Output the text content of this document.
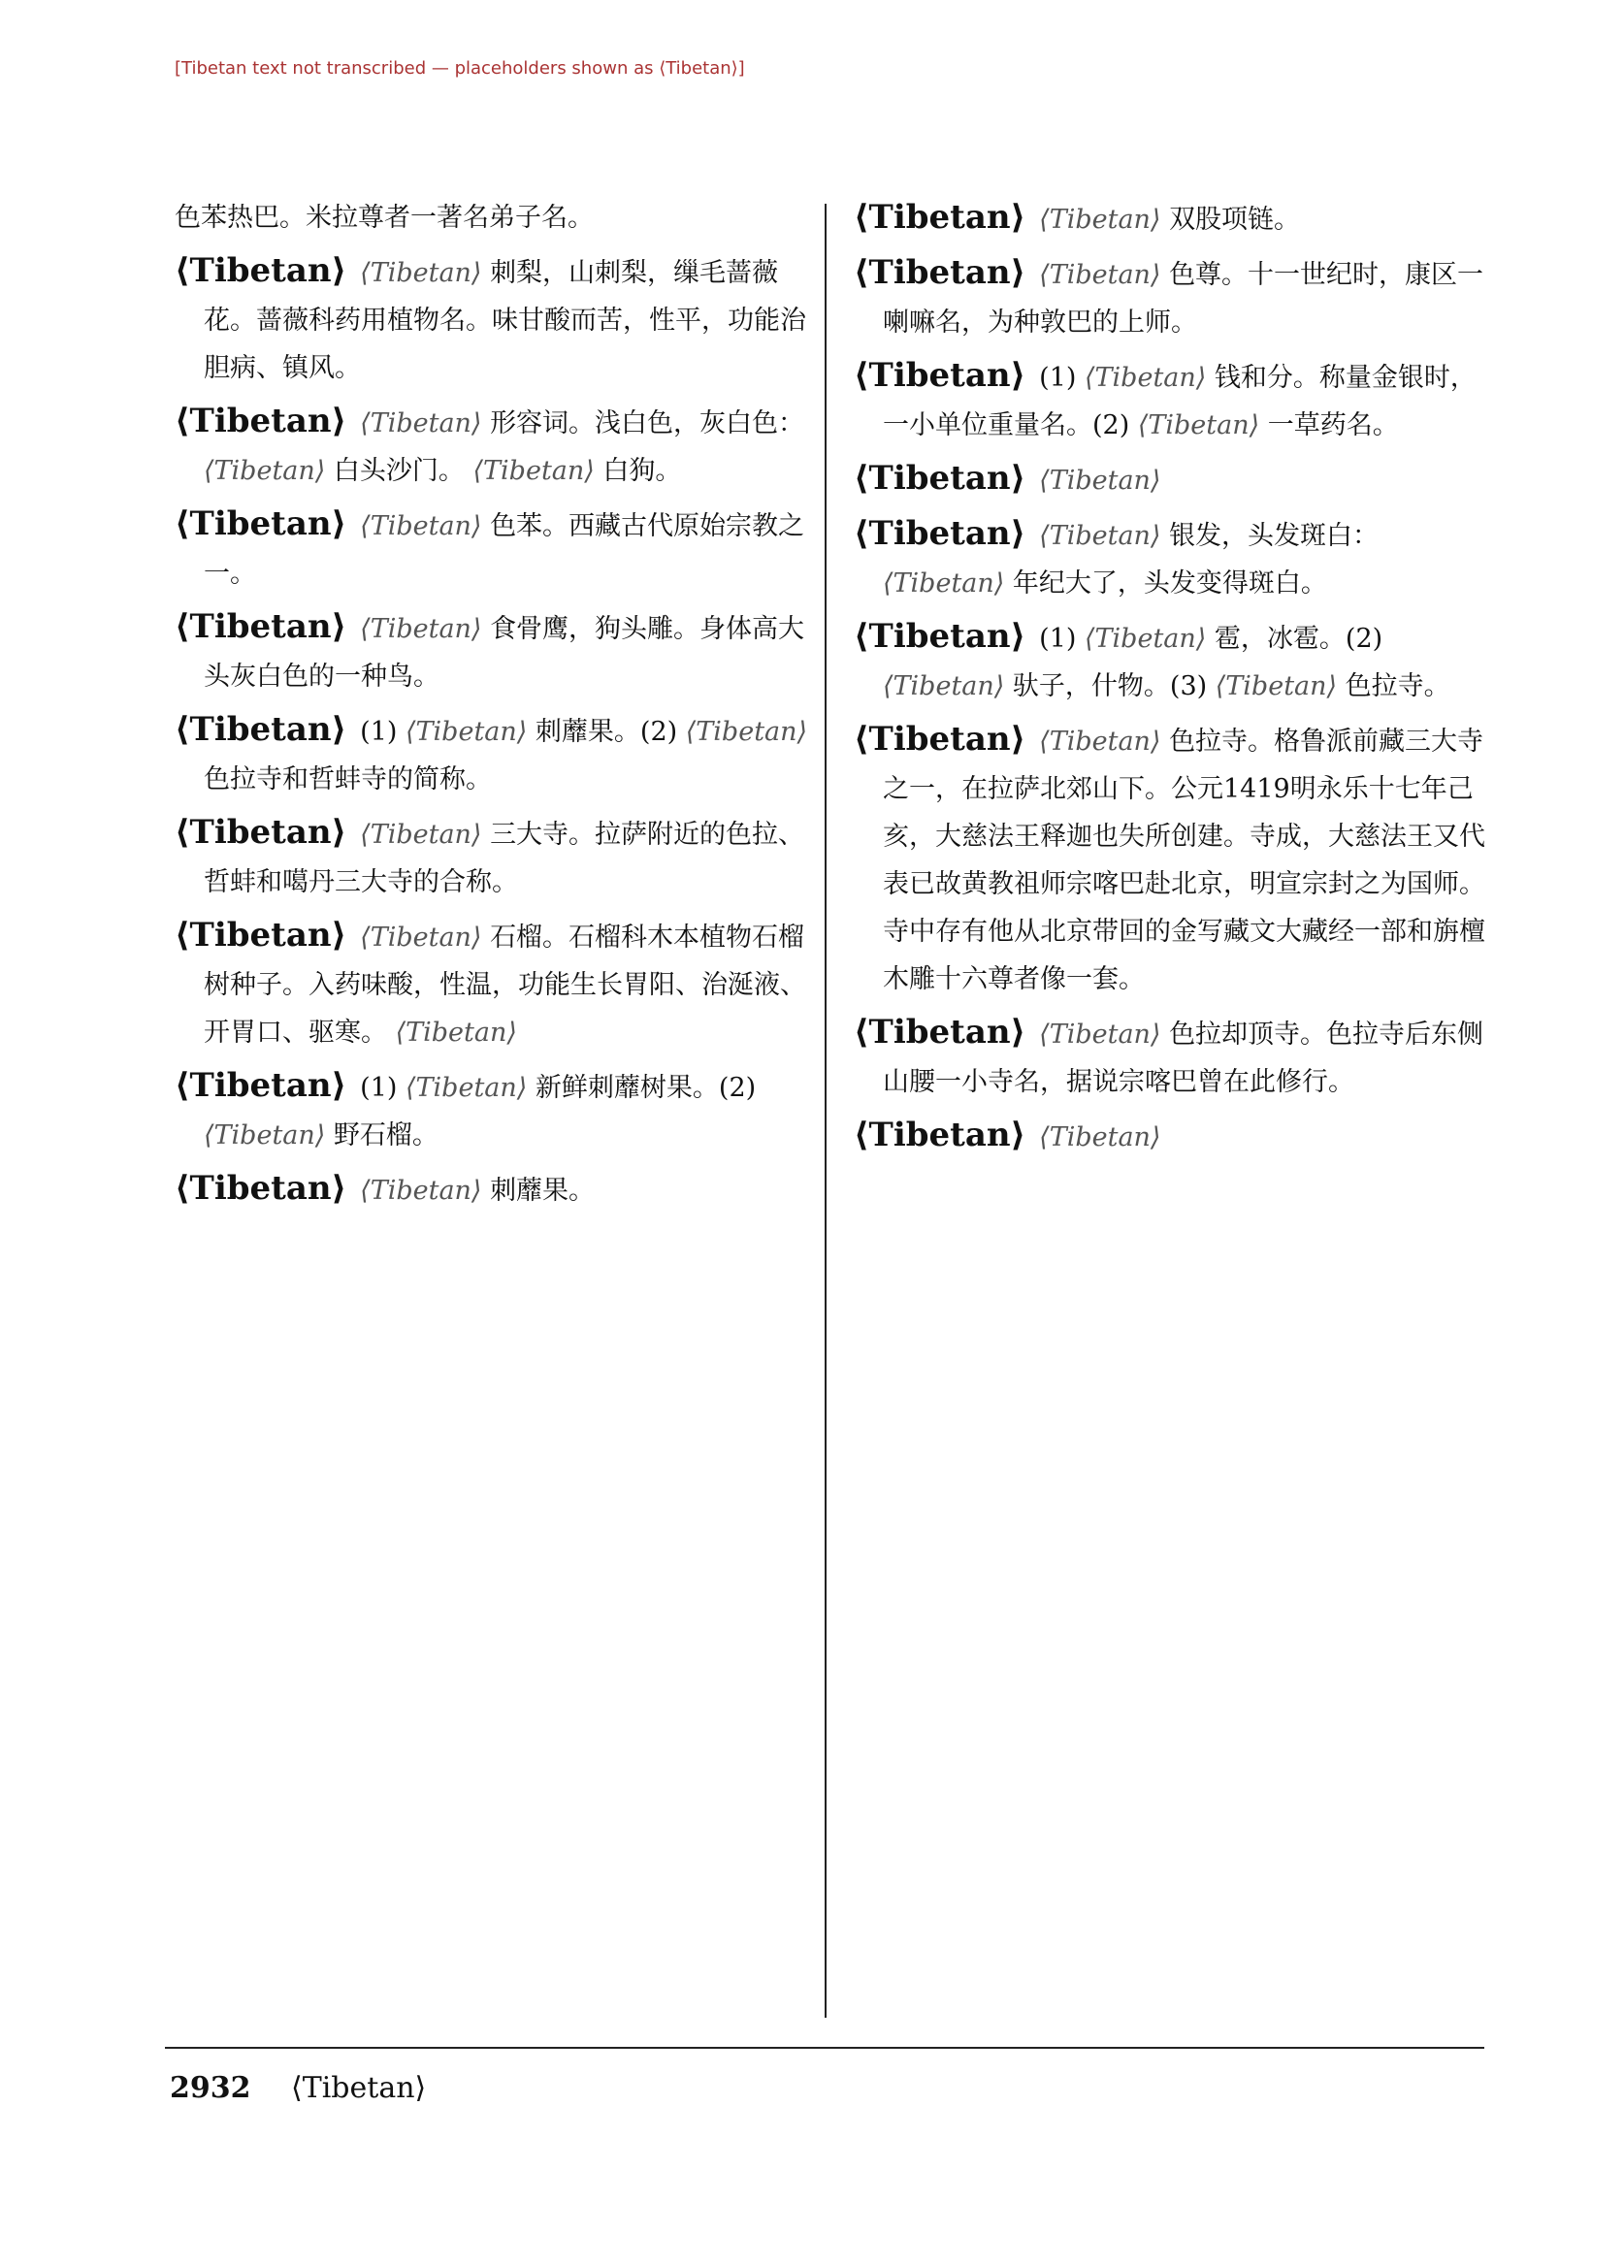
[Tibetan text not transcribed — placeholders shown as ⟨Tibetan⟩]
色苯热巴。米拉尊者一著名弟子名。
⟨Tibetan⟩ ⟨Tibetan⟩ 刺梨，山刺梨，缫毛蔷薇花。蔷薇科药用植物名。味甘酸而苦，性平，功能治胆病、镇风。
⟨Tibetan⟩ ⟨Tibetan⟩ 形容词。浅白色，灰白色： ⟨Tibetan⟩ 白头沙门。 ⟨Tibetan⟩ 白狗。
⟨Tibetan⟩ ⟨Tibetan⟩ 色苯。西藏古代原始宗教之一。
⟨Tibetan⟩ ⟨Tibetan⟩ 食骨鹰，狗头雕。身体高大头灰白色的一种鸟。
⟨Tibetan⟩ (1) ⟨Tibetan⟩ 刺蘼果。(2) ⟨Tibetan⟩ 色拉寺和哲蚌寺的简称。
⟨Tibetan⟩ ⟨Tibetan⟩ 三大寺。拉萨附近的色拉、哲蚌和噶丹三大寺的合称。
⟨Tibetan⟩ ⟨Tibetan⟩ 石榴。石榴科木本植物石榴树种子。入药味酸，性温，功能生长胃阳、治涎液、开胃口、驱寒。 ⟨Tibetan⟩
⟨Tibetan⟩ (1) ⟨Tibetan⟩ 新鲜刺蘼树果。(2) ⟨Tibetan⟩ 野石榴。
⟨Tibetan⟩ ⟨Tibetan⟩ 刺蘼果。
⟨Tibetan⟩ ⟨Tibetan⟩ 双股项链。
⟨Tibetan⟩ ⟨Tibetan⟩ 色尊。十一世纪时，康区一喇嘛名，为种敦巴的上师。
⟨Tibetan⟩ (1) ⟨Tibetan⟩ 钱和分。称量金银时，一小单位重量名。(2) ⟨Tibetan⟩ 一草药名。
⟨Tibetan⟩ ⟨Tibetan⟩
⟨Tibetan⟩ ⟨Tibetan⟩ 银发，头发斑白： ⟨Tibetan⟩ 年纪大了，头发变得斑白。
⟨Tibetan⟩ (1) ⟨Tibetan⟩ 雹，冰雹。(2) ⟨Tibetan⟩ 驮子，什物。(3) ⟨Tibetan⟩ 色拉寺。
⟨Tibetan⟩ ⟨Tibetan⟩ 色拉寺。格鲁派前藏三大寺之一，在拉萨北郊山下。公元1419明永乐十七年己亥，大慈法王释迦也失所创建。寺成，大慈法王又代表已故黄教祖师宗喀巴赴北京，明宣宗封之为国师。寺中存有他从北京带回的金写藏文大藏经一部和旃檀木雕十六尊者像一套。
⟨Tibetan⟩ ⟨Tibetan⟩ 色拉却顶寺。色拉寺后东侧山腰一小寺名，据说宗喀巴曾在此修行。
⟨Tibetan⟩ ⟨Tibetan⟩
2932 ⟨Tibetan⟩
